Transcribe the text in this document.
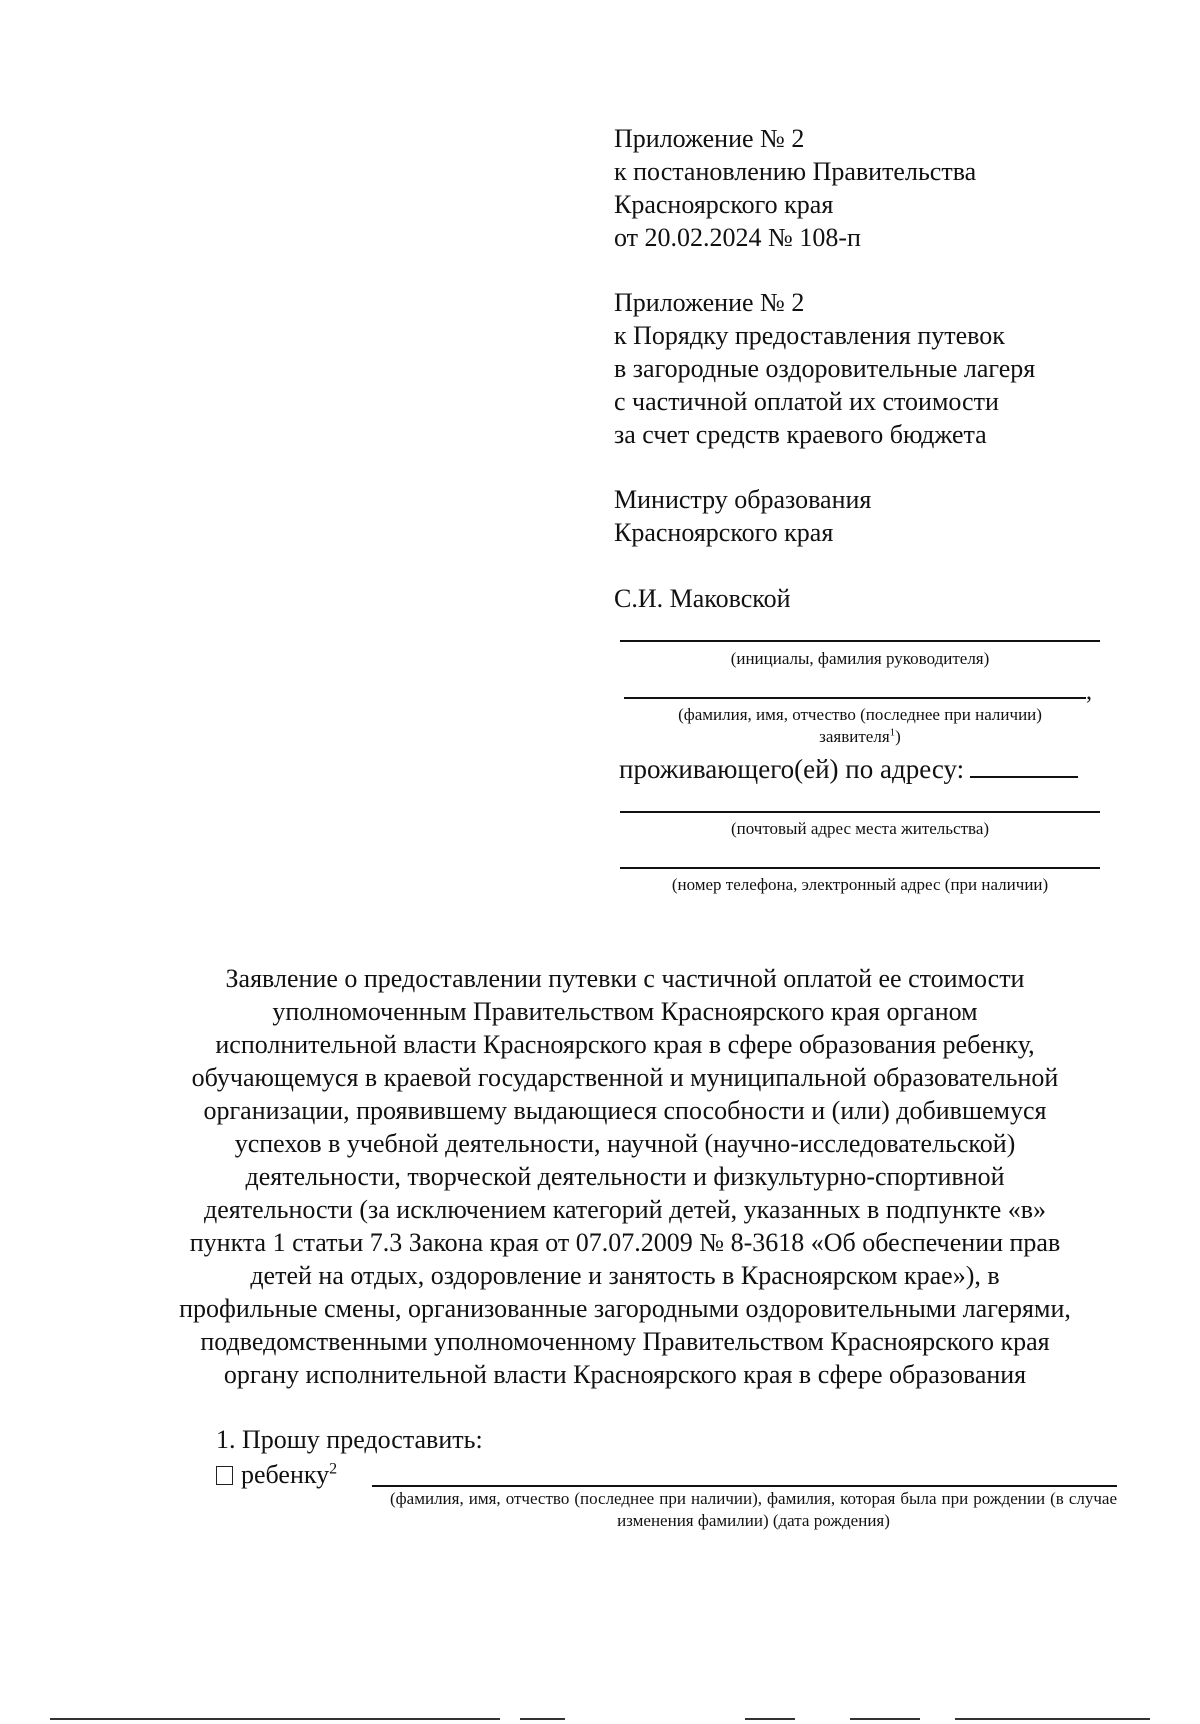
Приложение № 2
к постановлению Правительства
Красноярского края
от 20.02.2024 № 108-п
Приложение № 2
к Порядку предоставления путевок
в загородные оздоровительные лагеря
с частичной оплатой их стоимости
за счет средств краевого бюджета
Министру образования
Красноярского края
С.И. Маковской
(инициалы, фамилия руководителя)
,
(фамилия, имя, отчество (последнее при наличии)
заявителя$^1$)
проживающего(ей) по адресу:
(почтовый адрес места жительства)
(номер телефона, электронный адрес (при наличии)
Заявление о предоставлении путевки с частичной оплатой ее стоимости
уполномоченным Правительством Красноярского края органом
исполнительной власти Красноярского края в сфере образования ребенку,
обучающемуся в краевой государственной и муниципальной образовательной
организации, проявившему выдающиеся способности и (или) добившемуся
успехов в учебной деятельности, научной (научно-исследовательской)
деятельности, творческой деятельности и физкультурно-спортивной
деятельности (за исключением категорий детей, указанных в подпункте «в»
пункта 1 статьи 7.3 Закона края от 07.07.2009 № 8-3618 «Об обеспечении прав
детей на отдых, оздоровление и занятость в Красноярском крае»), в
профильные смены, организованные загородными оздоровительными лагерями,
подведомственными уполномоченному Правительством Красноярского края
органу исполнительной власти Красноярского края в сфере образования
1. Прошу предоставить:
ребенку$^2$
(фамилия, имя, отчество (последнее при наличии), фамилия, которая была при рождении (в случае изменения фамилии) (дата рождения)
